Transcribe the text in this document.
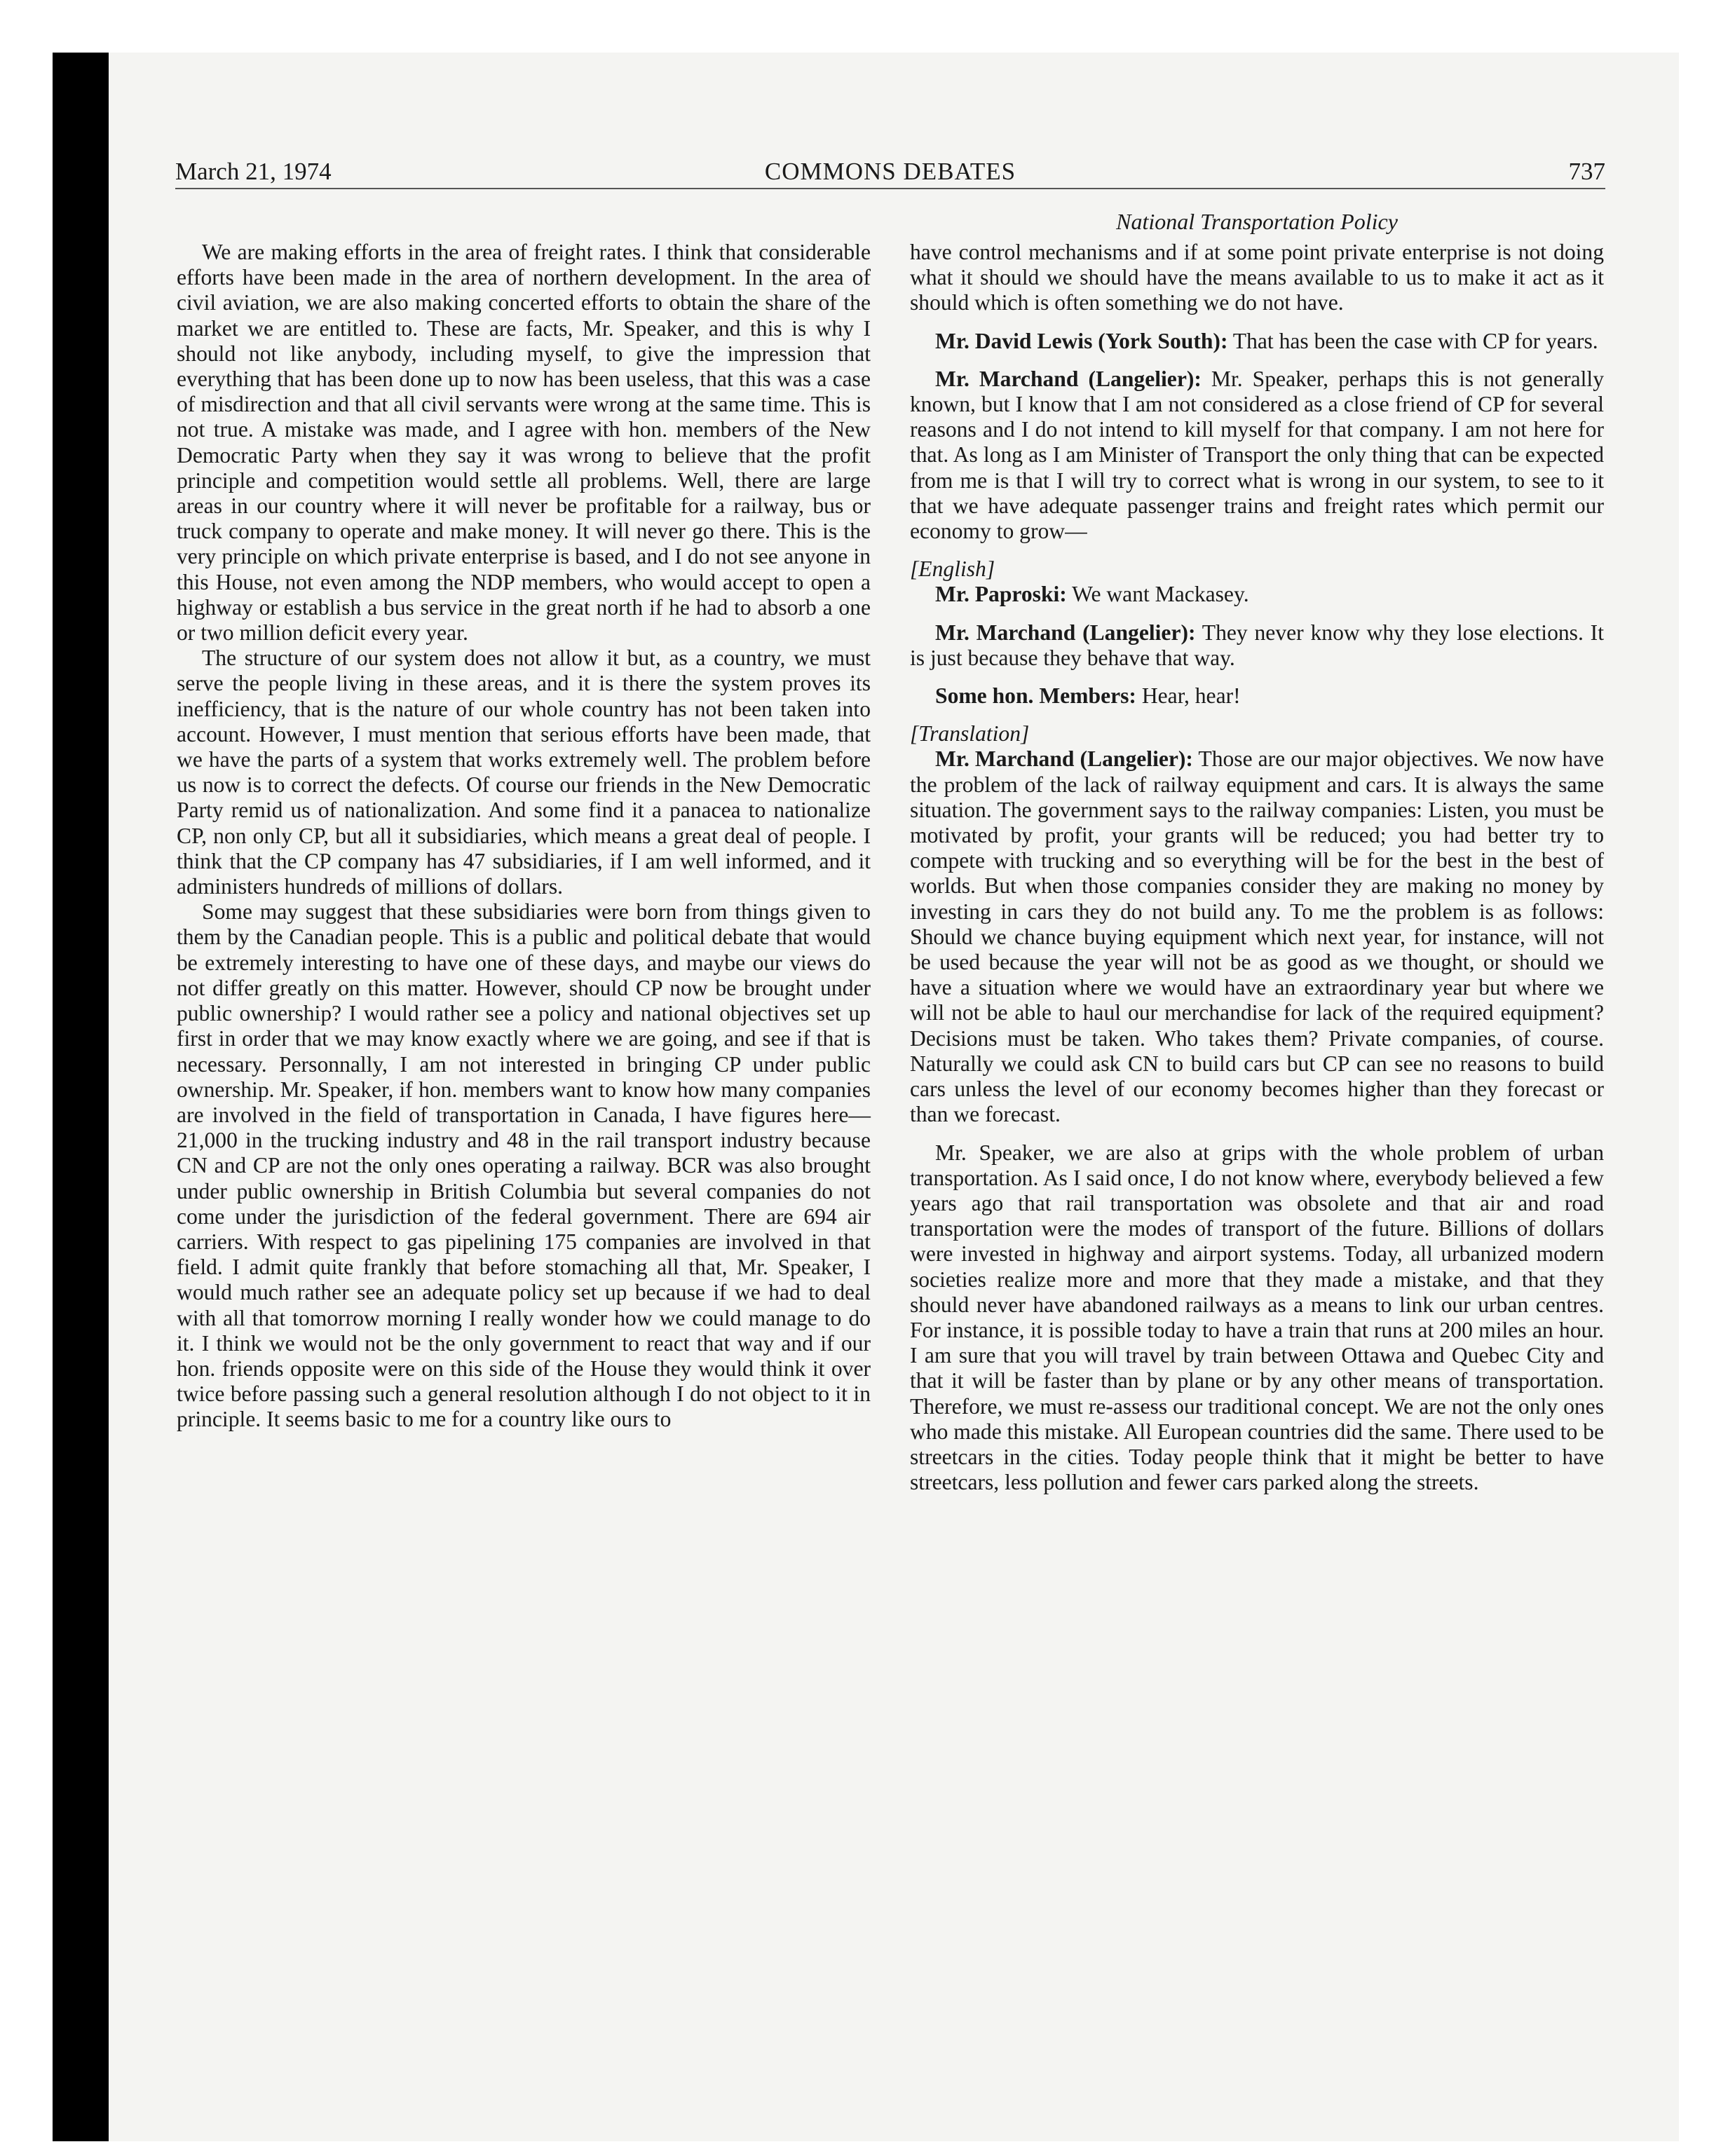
March 21, 1974	COMMONS DEBATES	737

We are making efforts in the area of freight rates. I think that considerable efforts have been made in the area of northern development. In the area of civil aviation, we are also making concerted efforts to obtain the share of the market we are entitled to. These are facts, Mr. Speaker, and this is why I should not like anybody, including myself, to give the impression that everything that has been done up to now has been useless, that this was a case of misdirection and that all civil servants were wrong at the same time. This is not true. A mistake was made, and I agree with hon. members of the New Democratic Party when they say it was wrong to believe that the profit principle and competition would settle all problems. Well, there are large areas in our country where it will never be profitable for a railway, bus or truck company to operate and make money. It will never go there. This is the very principle on which private enterprise is based, and I do not see anyone in this House, not even among the NDP members, who would accept to open a highway or establish a bus service in the great north if he had to absorb a one or two million deficit every year.

The structure of our system does not allow it but, as a country, we must serve the people living in these areas, and it is there the system proves its inefficiency, that is the nature of our whole country has not been taken into account. However, I must mention that serious efforts have been made, that we have the parts of a system that works extremely well. The problem before us now is to correct the defects. Of course our friends in the New Democratic Party remid us of nationalization. And some find it a panacea to nationalize CP, non only CP, but all it subsidiaries, which means a great deal of people. I think that the CP company has 47 subsidiaries, if I am well informed, and it administers hundreds of millions of dollars.

Some may suggest that these subsidiaries were born from things given to them by the Canadian people. This is a public and political debate that would be extremely interesting to have one of these days, and maybe our views do not differ greatly on this matter. However, should CP now be brought under public ownership? I would rather see a policy and national objectives set up first in order that we may know exactly where we are going, and see if that is necessary. Personnally, I am not interested in bringing CP under public ownership. Mr. Speaker, if hon. members want to know how many companies are involved in the field of transportation in Canada, I have figures here—21,000 in the trucking industry and 48 in the rail transport industry because CN and CP are not the only ones operating a railway. BCR was also brought under public ownership in British Columbia but several companies do not come under the jurisdiction of the federal government. There are 694 air carriers. With respect to gas pipelining 175 companies are involved in that field. I admit quite frankly that before stomaching all that, Mr. Speaker, I would much rather see an adequate policy set up because if we had to deal with all that tomorrow morning I really wonder how we could manage to do it. I think we would not be the only government to react that way and if our hon. friends opposite were on this side of the House they would think it over twice before passing such a general resolution although I do not object to it in principle. It seems basic to me for a country like ours to

National Transportation Policy

have control mechanisms and if at some point private enterprise is not doing what it should we should have the means available to us to make it act as it should which is often something we do not have.

Mr. David Lewis (York South): That has been the case with CP for years.

Mr. Marchand (Langelier): Mr. Speaker, perhaps this is not generally known, but I know that I am not considered as a close friend of CP for several reasons and I do not intend to kill myself for that company. I am not here for that. As long as I am Minister of Transport the only thing that can be expected from me is that I will try to correct what is wrong in our system, to see to it that we have adequate passenger trains and freight rates which permit our economy to grow—

[English]

Mr. Paproski: We want Mackasey.

Mr. Marchand (Langelier): They never know why they lose elections. It is just because they behave that way.

Some hon. Members: Hear, hear!

[Translation]

Mr. Marchand (Langelier): Those are our major objectives. We now have the problem of the lack of railway equipment and cars. It is always the same situation. The government says to the railway companies: Listen, you must be motivated by profit, your grants will be reduced; you had better try to compete with trucking and so everything will be for the best in the best of worlds. But when those companies consider they are making no money by investing in cars they do not build any. To me the problem is as follows: Should we chance buying equipment which next year, for instance, will not be used because the year will not be as good as we thought, or should we have a situation where we would have an extraordinary year but where we will not be able to haul our merchandise for lack of the required equipment? Decisions must be taken. Who takes them? Private companies, of course. Naturally we could ask CN to build cars but CP can see no reasons to build cars unless the level of our economy becomes higher than they forecast or than we forecast.

Mr. Speaker, we are also at grips with the whole problem of urban transportation. As I said once, I do not know where, everybody believed a few years ago that rail transportation was obsolete and that air and road transportation were the modes of transport of the future. Billions of dollars were invested in highway and airport systems. Today, all urbanized modern societies realize more and more that they made a mistake, and that they should never have abandoned railways as a means to link our urban centres. For instance, it is possible today to have a train that runs at 200 miles an hour. I am sure that you will travel by train between Ottawa and Quebec City and that it will be faster than by plane or by any other means of transportation. Therefore, we must re-assess our traditional concept. We are not the only ones who made this mistake. All European countries did the same. There used to be streetcars in the cities. Today people think that it might be better to have streetcars, less pollution and fewer cars parked along the streets.
